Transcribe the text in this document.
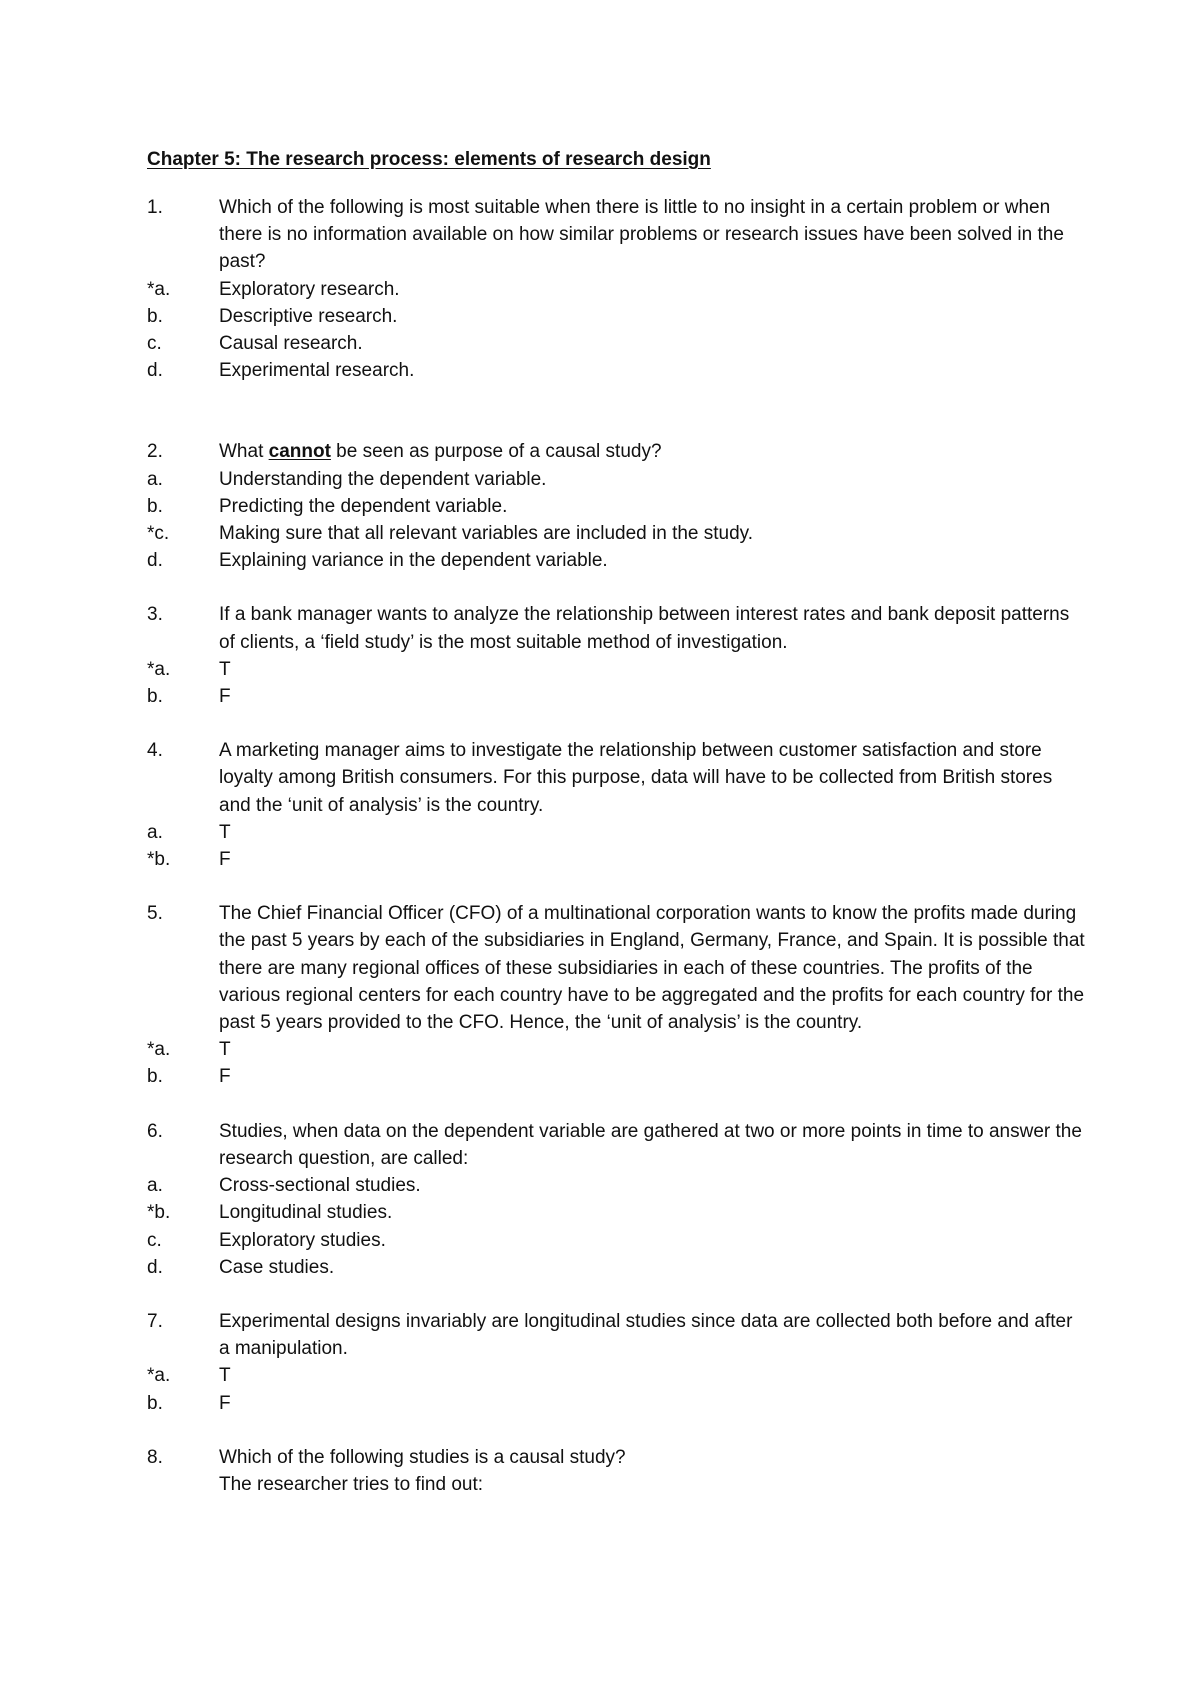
Chapter 5: The research process: elements of research design
1.	Which of the following is most suitable when there is little to no insight in a certain problem or when there is no information available on how similar problems or research issues have been solved in the past?
*a.	Exploratory research.
b.	Descriptive research.
c.	Causal research.
d.	Experimental research.
2.	What cannot be seen as purpose of a causal study?
a.	Understanding the dependent variable.
b.	Predicting the dependent variable.
*c.	Making sure that all relevant variables are included in the study.
d.	Explaining variance in the dependent variable.
3.	If a bank manager wants to analyze the relationship between interest rates and bank deposit patterns of clients, a ‘field study’ is the most suitable method of investigation.
*a.	T
b.	F
4.	A marketing manager aims to investigate the relationship between customer satisfaction and store loyalty among British consumers. For this purpose, data will have to be collected from British stores and the ‘unit of analysis’ is the country.
a.	T
*b.	F
5.	The Chief Financial Officer (CFO) of a multinational corporation wants to know the profits made during the past 5 years by each of the subsidiaries in England, Germany, France, and Spain. It is possible that there are many regional offices of these subsidiaries in each of these countries. The profits of the various regional centers for each country have to be aggregated and the profits for each country for the past 5 years provided to the CFO. Hence, the ‘unit of analysis’ is the country.
*a.	T
b.	F
6.	Studies, when data on the dependent variable are gathered at two or more points in time to answer the research question, are called:
a.	Cross-sectional studies.
*b.	Longitudinal studies.
c.	Exploratory studies.
d.	Case studies.
7.	Experimental designs invariably are longitudinal studies since data are collected both before and after a manipulation.
*a.	T
b.	F
8.	Which of the following studies is a causal study?
The researcher tries to find out:
